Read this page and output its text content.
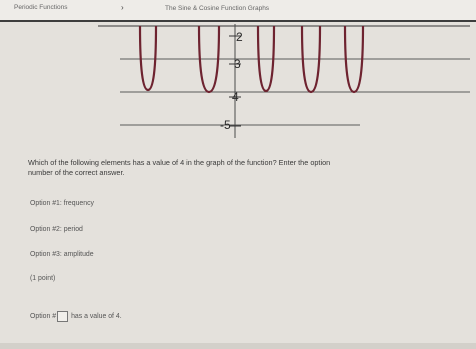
Periodic Functions	›	The Sine & Cosine Function Graphs
2
3
4
-5
Which of the following elements has a value of 4 in the graph of the function? Enter the option
number of the correct answer.
Option #1: frequency
Option #2: period
Option #3: amplitude
(1 point)
Option # has a value of 4.
